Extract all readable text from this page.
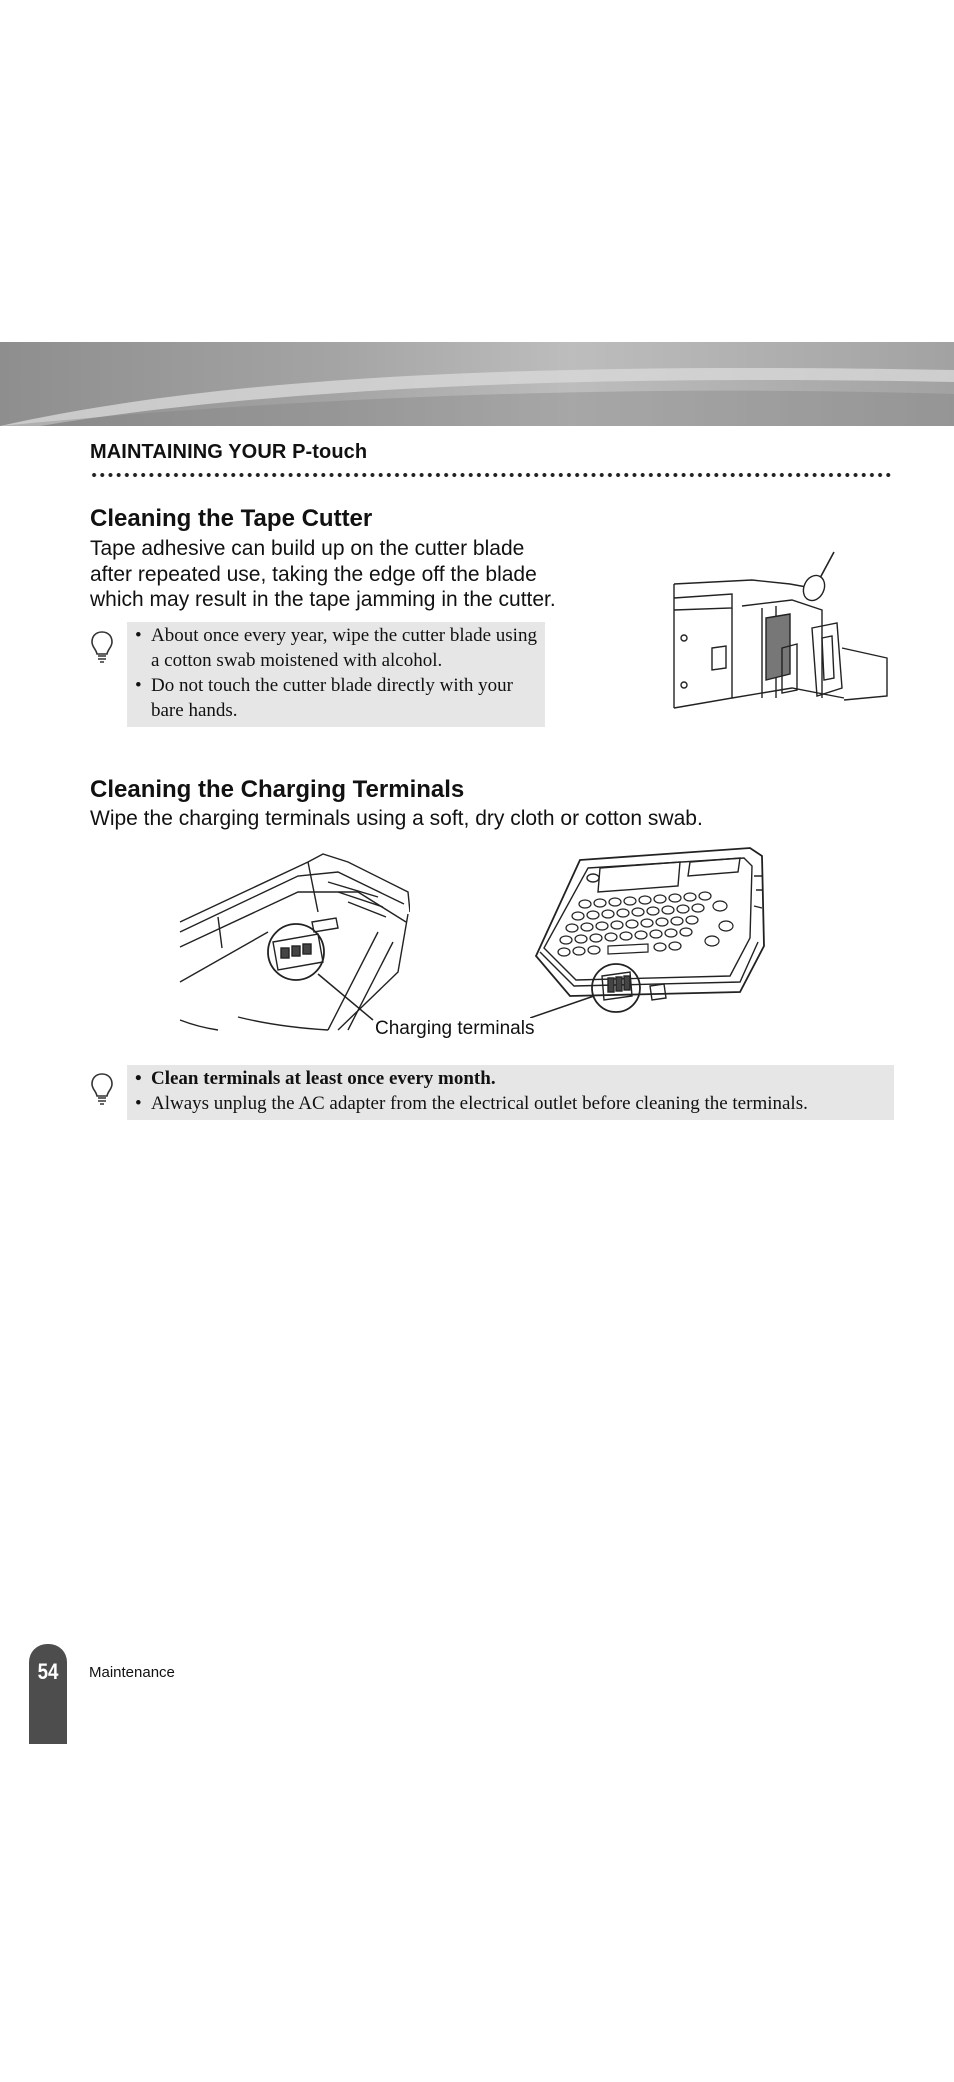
MAINTAINING YOUR P-touch
Cleaning the Tape Cutter
Tape adhesive can build up on the cutter blade
after repeated use, taking the edge off the blade
which may result in the tape jamming in the cutter.
• About once every year, wipe the cutter blade using a cotton swab moistened with alcohol.
• Do not touch the cutter blade directly with your bare hands.
Cleaning the Charging Terminals
Wipe the charging terminals using a soft, dry cloth or cotton swab.
Charging terminals
• Clean terminals at least once every month.
• Always unplug the AC adapter from the electrical outlet before cleaning the terminals.
54	Maintenance
